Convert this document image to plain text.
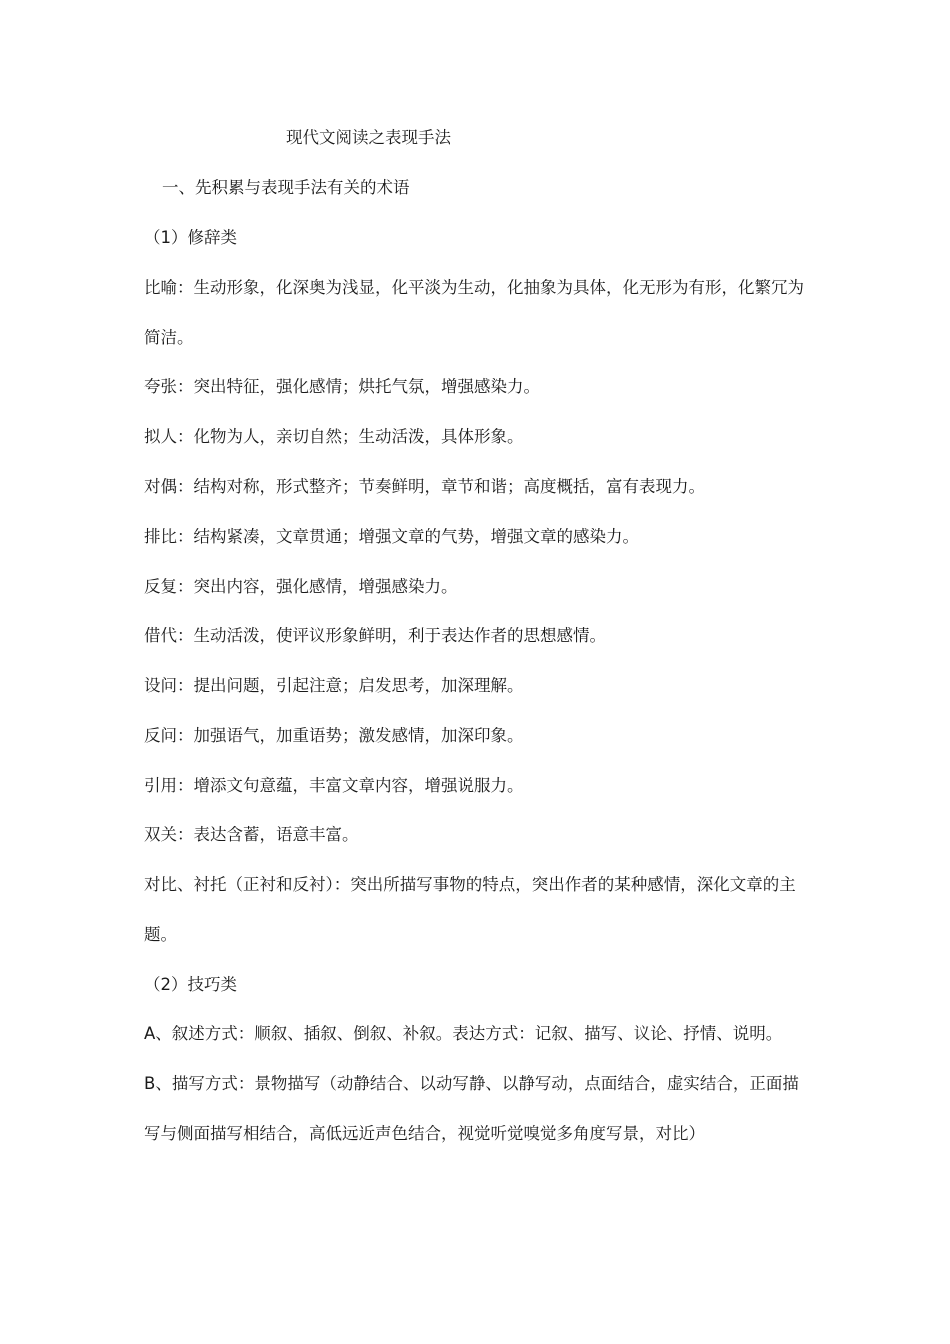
现代文阅读之表现手法
一、先积累与表现手法有关的术语
（1）修辞类
比喻：生动形象，化深奥为浅显，化平淡为生动，化抽象为具体，化无形为有形，化繁冗为
简洁。
夸张：突出特征，强化感情；烘托气氛，增强感染力。
拟人：化物为人，亲切自然；生动活泼，具体形象。
对偶：结构对称，形式整齐；节奏鲜明，章节和谐；高度概括，富有表现力。
排比：结构紧凑，文章贯通；增强文章的气势，增强文章的感染力。
反复：突出内容，强化感情，增强感染力。
借代：生动活泼，使评议形象鲜明，利于表达作者的思想感情。
设问：提出问题，引起注意；启发思考，加深理解。
反问：加强语气，加重语势；激发感情，加深印象。
引用：增添文句意蕴，丰富文章内容，增强说服力。
双关：表达含蓄，语意丰富。
对比、衬托（正衬和反衬）：突出所描写事物的特点，突出作者的某种感情，深化文章的主
题。
（2）技巧类
A、叙述方式：顺叙、插叙、倒叙、补叙。表达方式：记叙、描写、议论、抒情、说明。
B、描写方式：景物描写（动静结合、以动写静、以静写动，点面结合，虚实结合，正面描
写与侧面描写相结合，高低远近声色结合，视觉听觉嗅觉多角度写景，对比）
